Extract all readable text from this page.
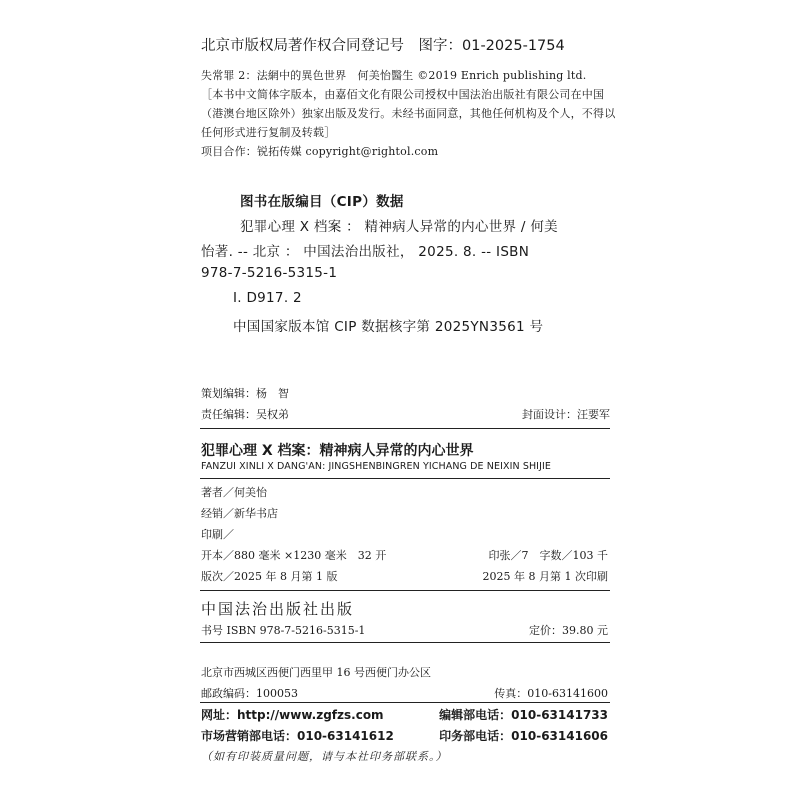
北京市版权局著作权合同登记号　图字：01-2025-1754
失常罪 2：法網中的異色世界　何美怡醫生 ©2019 Enrich publishing ltd.
［本书中文简体字版本，由嘉佰文化有限公司授权中国法治出版社有限公司在中国
（港澳台地区除外）独家出版及发行。未经书面同意，其他任何机构及个人，不得以
任何形式进行复制及转载］
项目合作：锐拓传媒 copyright@rightol.com
图书在版编目（CIP）数据
犯罪心理 X 档案 ： 精神病人异常的内心世界 / 何美
怡著. -- 北京 ： 中国法治出版社， 2025. 8. -- ISBN
978-7-5216-5315-1
Ⅰ. D917. 2
中国国家版本馆 CIP 数据核字第 2025YN3561 号
策划编辑：杨　智
责任编辑：吴权弟	封面设计：汪要军
犯罪心理 X 档案：精神病人异常的内心世界
FANZUI XINLI X DANG'AN: JINGSHENBINGREN YICHANG DE NEIXIN SHIJIE
著者／何美怡
经销／新华书店
印刷／
开本／880 毫米 ×1230 毫米　32 开	印张／7　字数／103 千
版次／2025 年 8 月第 1 版	2025 年 8 月第 1 次印刷
中国法治出版社出版
书号 ISBN 978-7-5216-5315-1	定价：39.80 元
北京市西城区西便门西里甲 16 号西便门办公区
邮政编码：100053	传真：010-63141600
网址：http://www.zgfzs.com	编辑部电话：010-63141733
市场营销部电话：010-63141612	印务部电话：010-63141606
（如有印装质量问题，请与本社印务部联系。）
